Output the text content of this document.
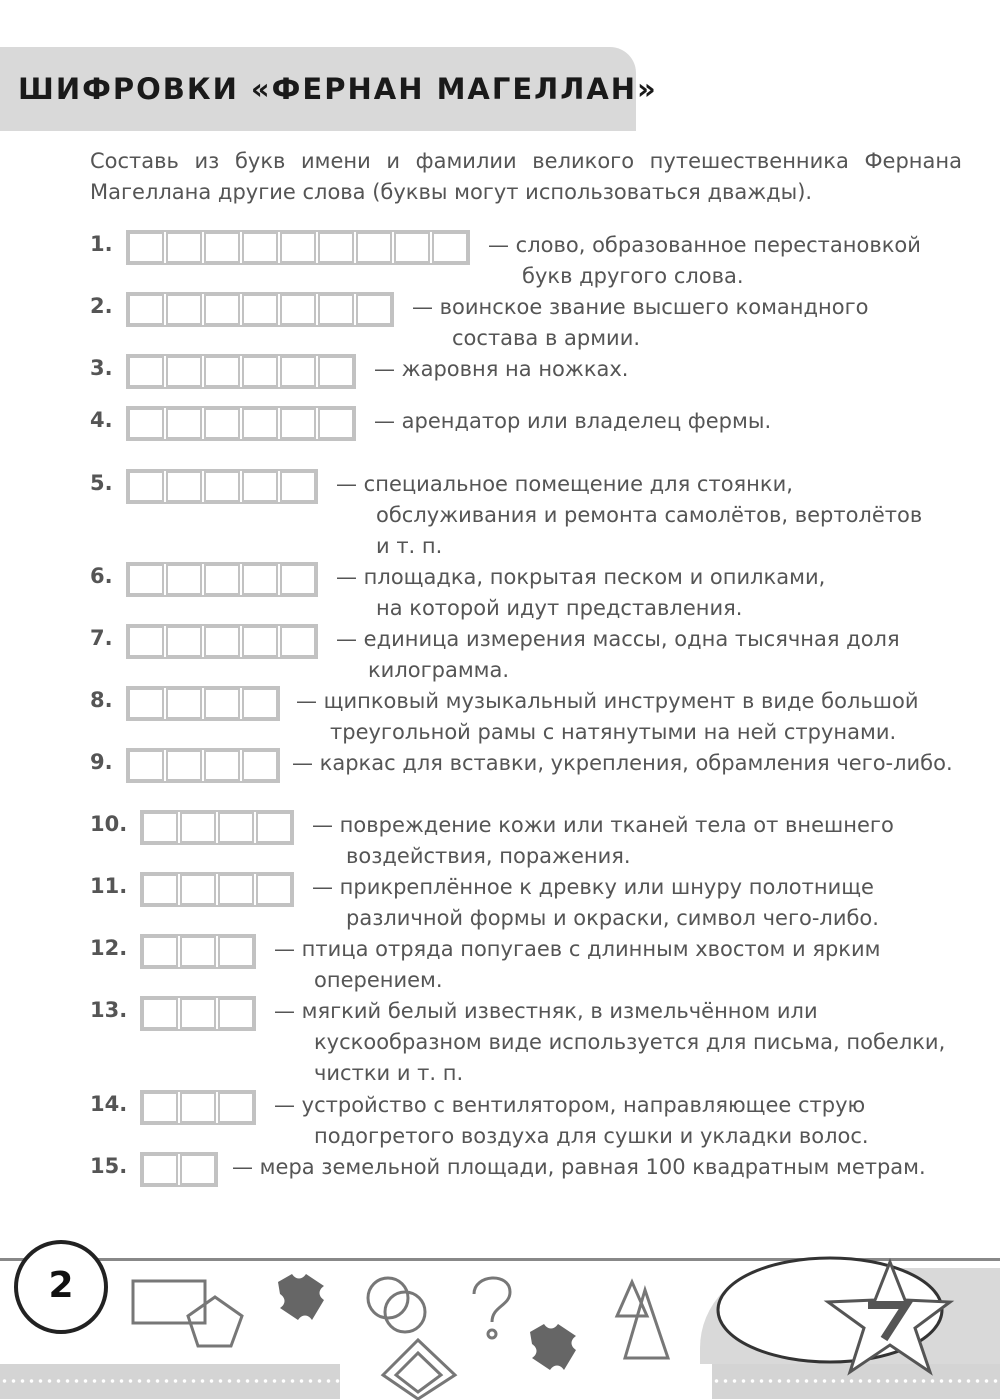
ШИФРОВКИ «ФЕРНАН МАГЕЛЛАН»
Составь из букв имени и фамилии великого путешественника Фернана Магеллана другие слова (буквы могут использоваться дважды).
1.	— слово, образованное перестановкой
букв другого слова.
2.	— воинское звание высшего командного
состава в армии.
3.	— жаровня на ножках.
4.	— арендатор или владелец фермы.
5.	— специальное помещение для стоянки,
обслуживания и ремонта самолётов, вертолётов
и т. п.
6.	— площадка, покрытая песком и опилками,
на которой идут представления.
7.	— единица измерения массы, одна тысячная доля
килограмма.
8.	— щипковый музыкальный инструмент в виде большой
треугольной рамы с натянутыми на ней струнами.
9.	— каркас для вставки, укрепления, обрамления чего-либо.
10.	— повреждение кожи или тканей тела от внешнего
воздействия, поражения.
11.	— прикреплённое к древку или шнуру полотнище
различной формы и окраски, символ чего-либо.
12.	— птица отряда попугаев с длинным хвостом и ярким
оперением.
13.	— мягкий белый известняк, в измельчённом или
кускообразном виде используется для письма, побелки,
чистки и т. п.
14.	— устройство с вентилятором, направляющее струю
подогретого воздуха для сушки и укладки волос.
15.	— мера земельной площади, равная 100 квадратным метрам.
2
